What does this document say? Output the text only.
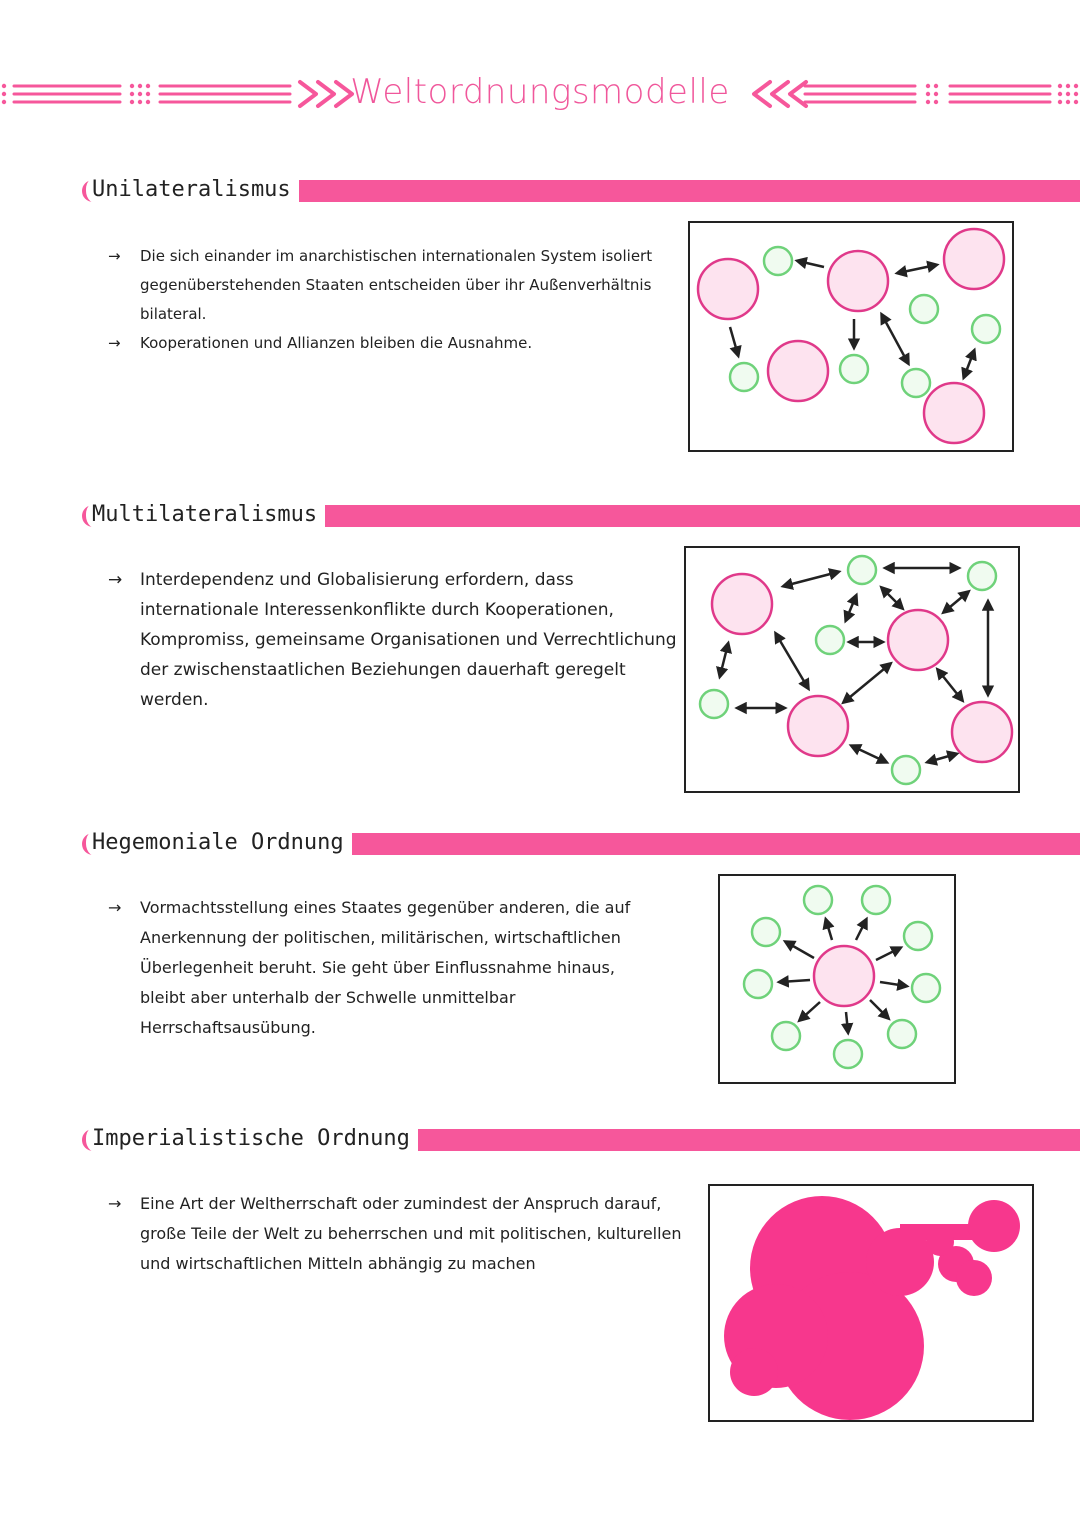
Weltordnungsmodelle
Unilateralismus
→ Die sich einander im anarchistischen internationalen System isoliert gegenüberstehenden Staaten entscheiden über ihr Außenverhältnis bilateral.
→ Kooperationen und Allianzen bleiben die Ausnahme.
Multilateralismus
→ Interdependenz und Globalisierung erfordern, dass internationale Interessenkonflikte durch Kooperationen, Kompromiss, gemeinsame Organisationen und Verrechtlichung der zwischenstaatlichen Beziehungen dauerhaft geregelt werden.
Hegemoniale Ordnung
→ Vormachtsstellung eines Staates gegenüber anderen, die auf Anerkennung der politischen, militärischen, wirtschaftlichen Überlegenheit beruht. Sie geht über Einflussnahme hinaus, bleibt aber unterhalb der Schwelle unmittelbar Herrschaftsausübung.
Imperialistische Ordnung
→ Eine Art der Weltherrschaft oder zumindest der Anspruch darauf, große Teile der Welt zu beherrschen und mit politischen, kulturellen und wirtschaftlichen Mitteln abhängig zu machen
